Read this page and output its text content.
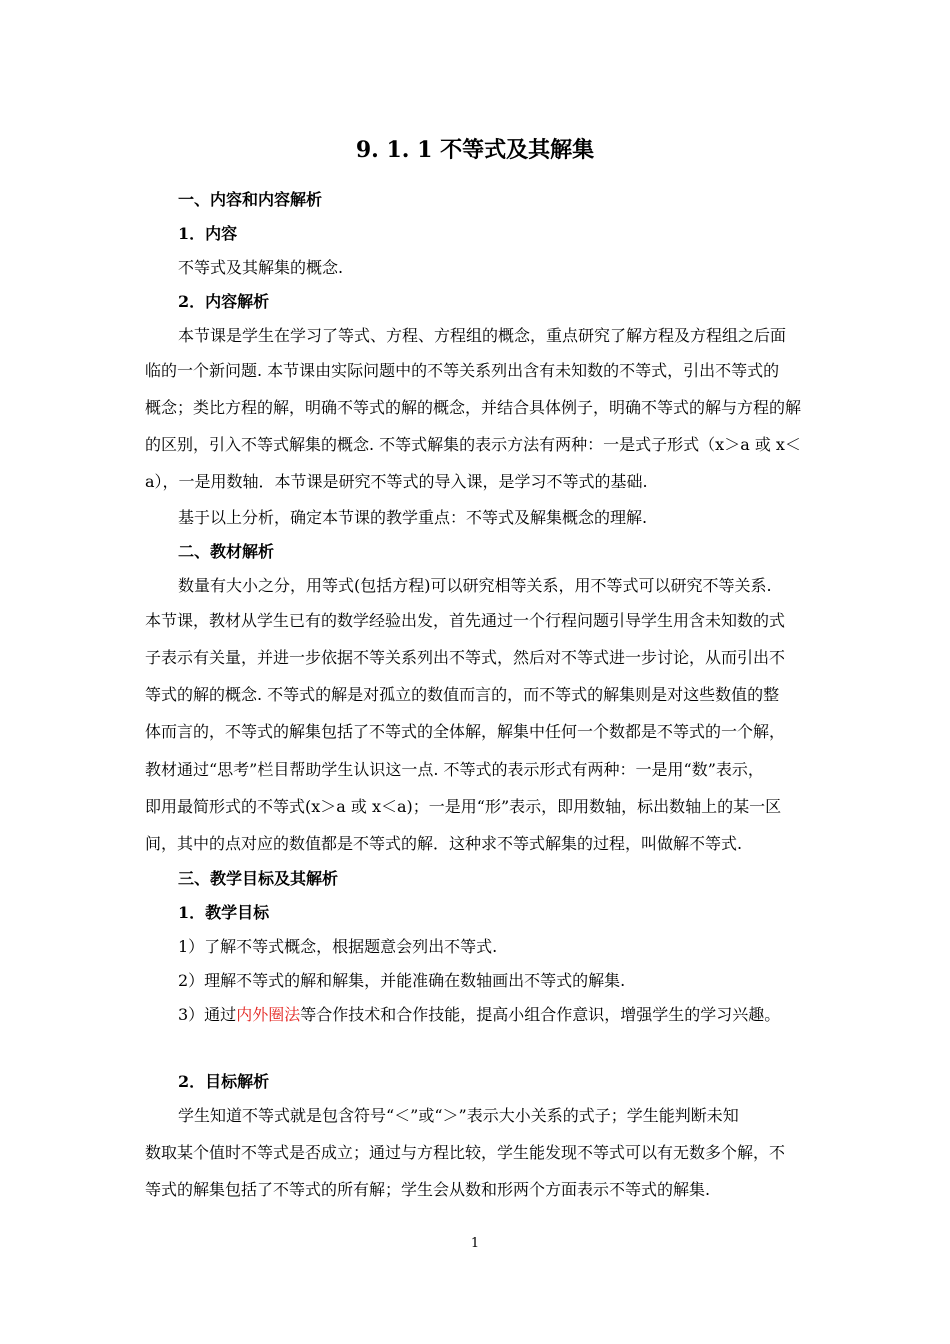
9. 1. 1 不等式及其解集
一、内容和内容解析
1．内容
不等式及其解集的概念.
2．内容解析
本节课是学生在学习了等式、方程、方程组的概念，重点研究了解方程及方程组之后面
临的一个新问题. 本节课由实际问题中的不等关系列出含有未知数的不等式，引出不等式的
概念；类比方程的解，明确不等式的解的概念，并结合具体例子，明确不等式的解与方程的解
的区别，引入不等式解集的概念. 不等式解集的表示方法有两种：一是式子形式（x＞a 或 x＜
a），一是用数轴．本节课是研究不等式的导入课，是学习不等式的基础.
基于以上分析，确定本节课的教学重点：不等式及解集概念的理解.
二、教材解析
数量有大小之分，用等式(包括方程)可以研究相等关系，用不等式可以研究不等关系.
本节课，教材从学生已有的数学经验出发，首先通过一个行程问题引导学生用含未知数的式
子表示有关量，并进一步依据不等关系列出不等式，然后对不等式进一步讨论，从而引出不
等式的解的概念. 不等式的解是对孤立的数值而言的，而不等式的解集则是对这些数值的整
体而言的，不等式的解集包括了不等式的全体解，解集中任何一个数都是不等式的一个解，
教材通过“思考”栏目帮助学生认识这一点. 不等式的表示形式有两种：一是用“数”表示，
即用最简形式的不等式(x＞a 或 x＜a)；一是用“形”表示，即用数轴，标出数轴上的某一区
间，其中的点对应的数值都是不等式的解．这种求不等式解集的过程，叫做解不等式.
三、教学目标及其解析
1．教学目标
1）了解不等式概念，根据题意会列出不等式.
2）理解不等式的解和解集，并能准确在数轴画出不等式的解集.
3）通过内外圈法等合作技术和合作技能，提高小组合作意识，增强学生的学习兴趣。
2．目标解析
学生知道不等式就是包含符号“＜”或“＞”表示大小关系的式子；学生能判断未知
数取某个值时不等式是否成立；通过与方程比较，学生能发现不等式可以有无数多个解，不
等式的解集包括了不等式的所有解；学生会从数和形两个方面表示不等式的解集.
1
